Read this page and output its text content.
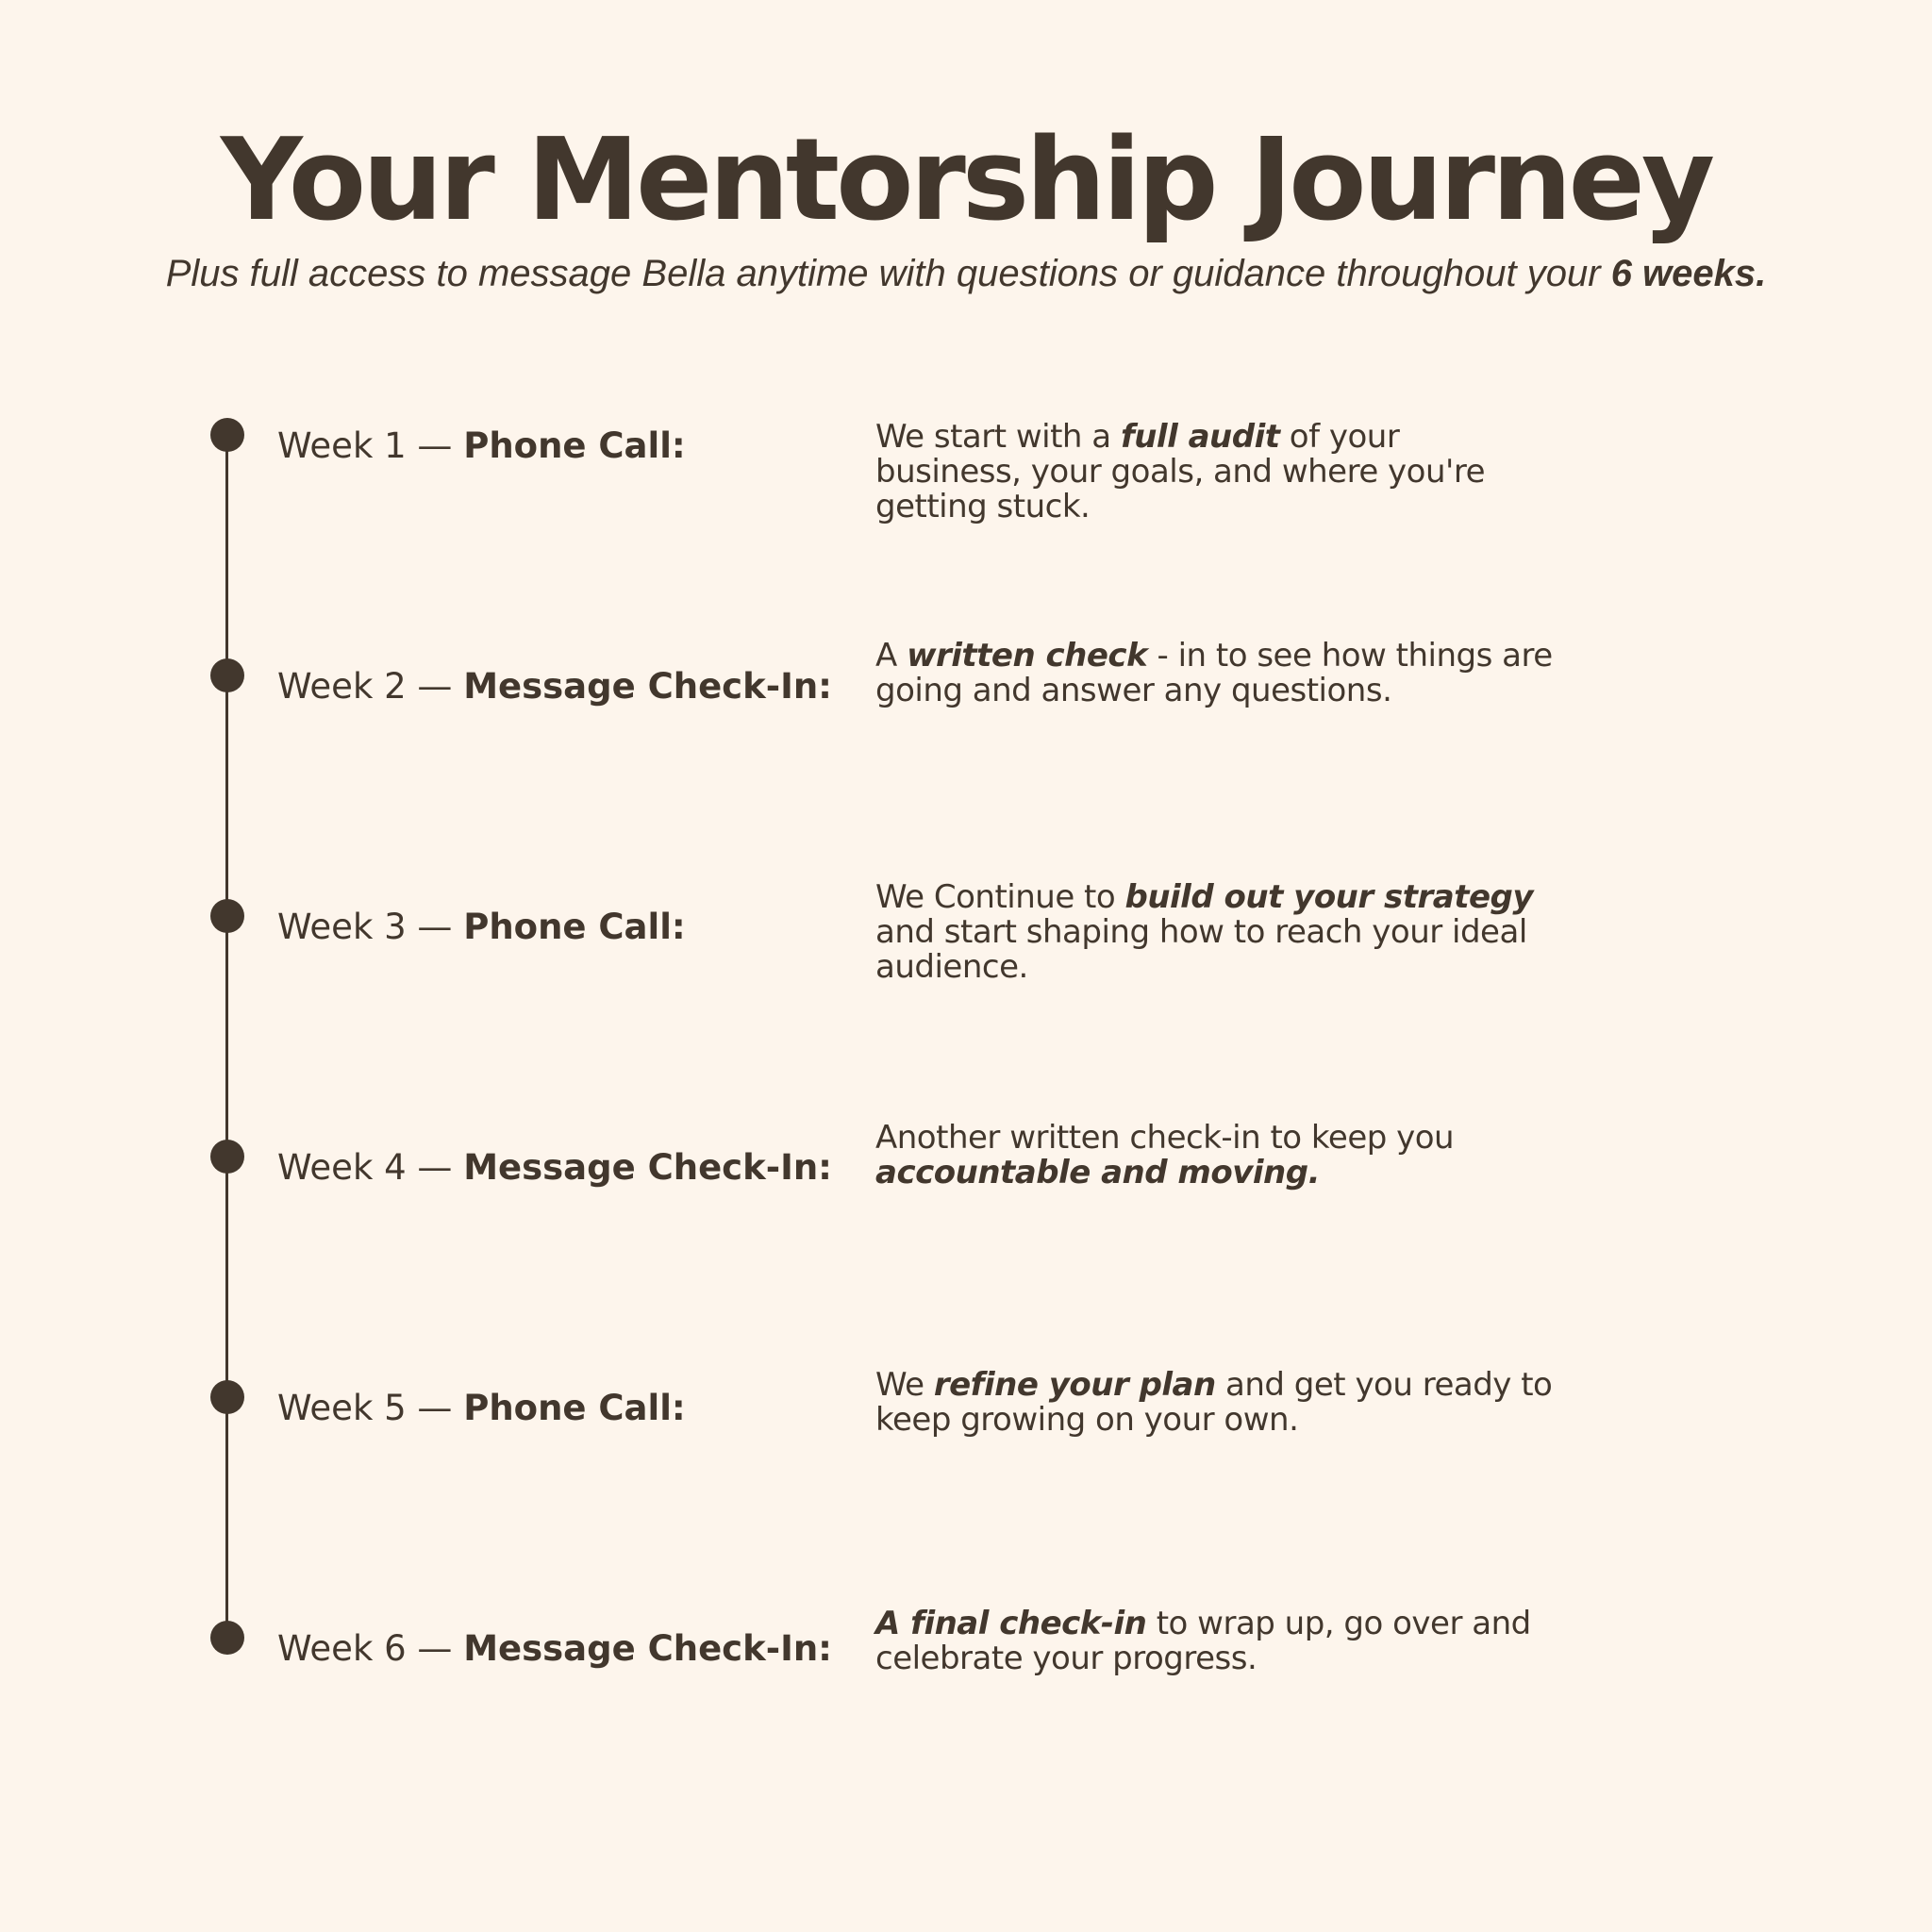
Your Mentorship Journey

Plus full access to message Bella anytime with questions or guidance throughout your 6 weeks.

Week 1 — Phone Call:	We start with a full audit of your business, your goals, and where you're getting stuck.
Week 2 — Message Check-In:
A written check - in to see how things are going and answer any questions.
Week 3 — Phone Call:
We Continue to build out your strategy and start shaping how to reach your ideal audience.
Week 4 — Message Check-In:
Another written check-in to keep you accountable and moving.
Week 5 — Phone Call:
We refine your plan and get you ready to keep growing on your own.
Week 6 — Message Check-In:
A final check-in to wrap up, go over and celebrate your progress.
